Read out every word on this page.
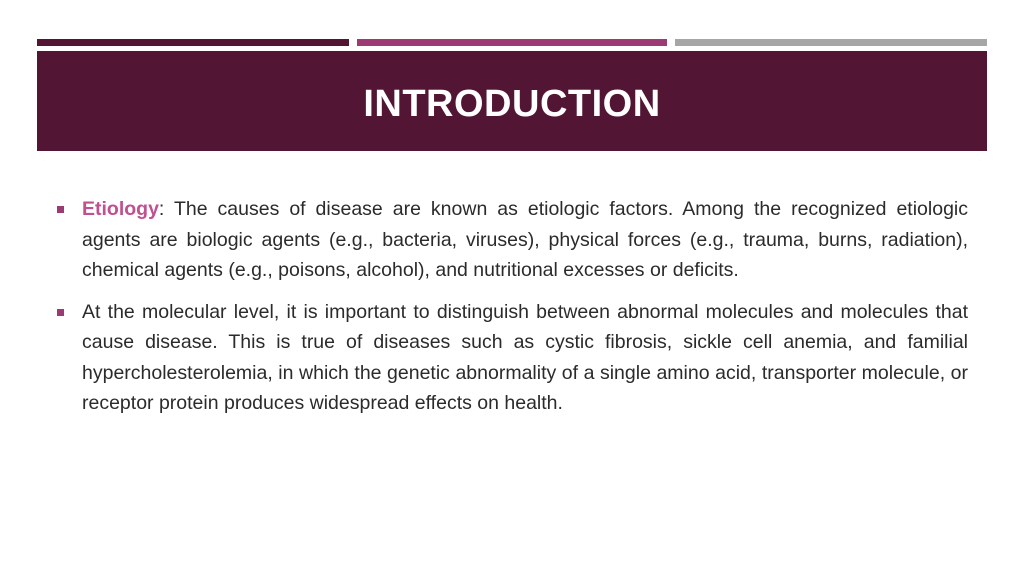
INTRODUCTION
Etiology: The causes of disease are known as etiologic factors. Among the recognized etiologic agents are biologic agents (e.g., bacteria, viruses), physical forces (e.g., trauma, burns, radiation), chemical agents (e.g., poisons, alcohol), and nutritional excesses or deficits.
At the molecular level, it is important to distinguish between abnormal molecules and molecules that cause disease. This is true of diseases such as cystic fibrosis, sickle cell anemia, and familial hypercholesterolemia, in which the genetic abnormality of a single amino acid, transporter molecule, or receptor protein produces widespread effects on health.
